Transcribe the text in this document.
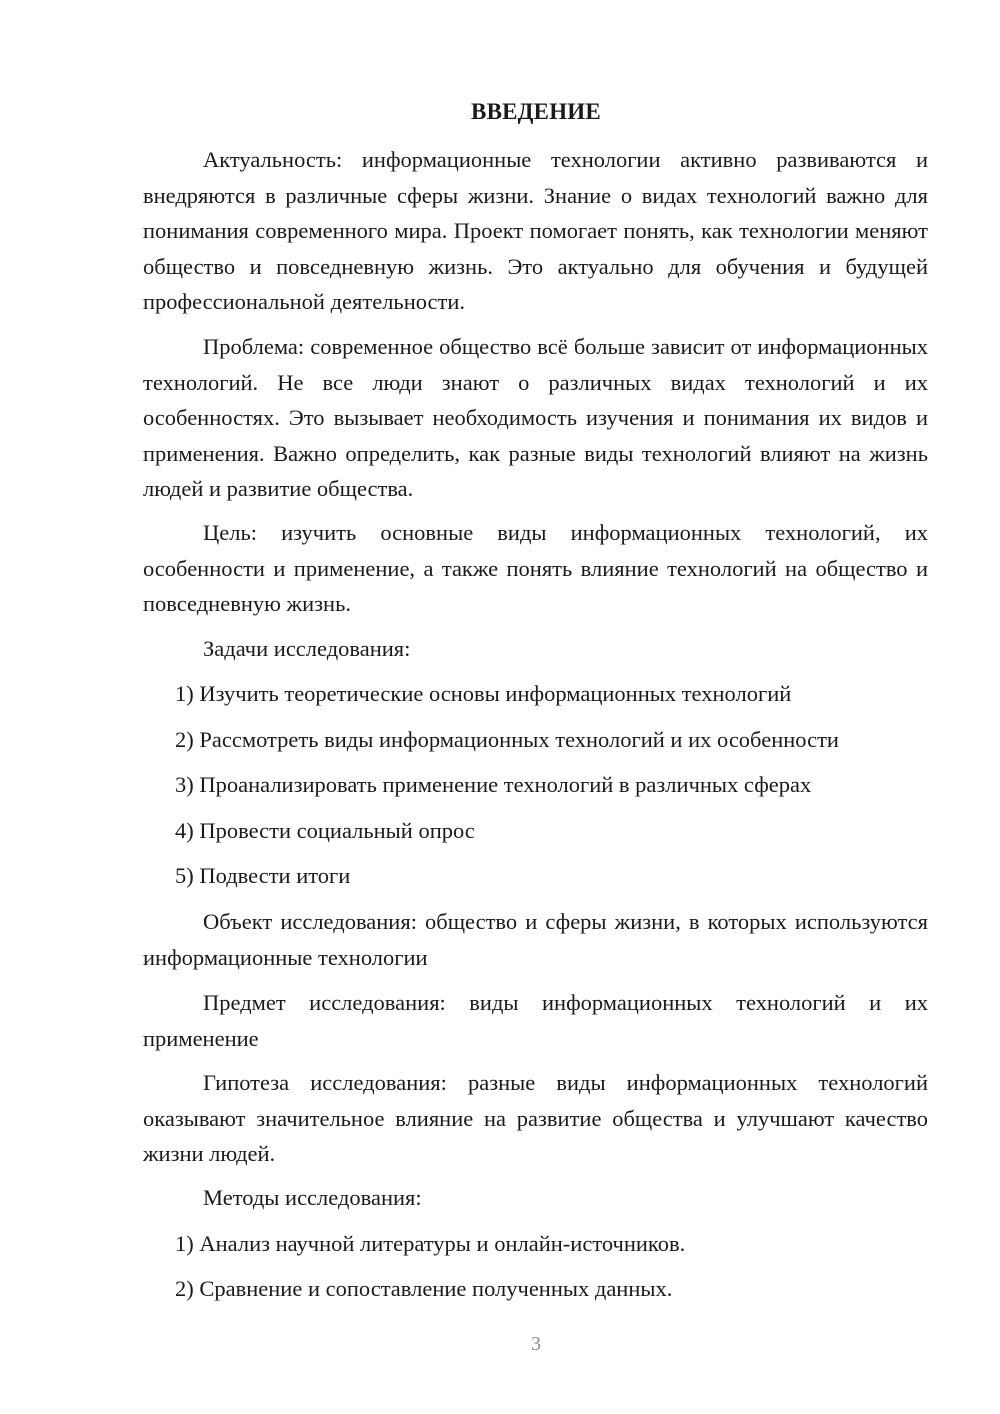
ВВЕДЕНИЕ

Актуальность: информационные технологии активно развиваются и внедряются в различные сферы жизни. Знание о видах технологий важно для понимания современного мира. Проект помогает понять, как технологии меняют общество и повседневную жизнь. Это актуально для обучения и будущей профессиональной деятельности.

Проблема: современное общество всё больше зависит от информационных технологий. Не все люди знают о различных видах технологий и их особенностях. Это вызывает необходимость изучения и понимания их видов и применения. Важно определить, как разные виды технологий влияют на жизнь людей и развитие общества.

Цель: изучить основные виды информационных технологий, их особенности и применение, а также понять влияние технологий на общество и повседневную жизнь.

Задачи исследования:
1) Изучить теоретические основы информационных технологий
2) Рассмотреть виды информационных технологий и их особенности
3) Проанализировать применение технологий в различных сферах
4) Провести социальный опрос
5) Подвести итоги

Объект исследования: общество и сферы жизни, в которых используются информационные технологии

Предмет исследования: виды информационных технологий и их применение

Гипотеза исследования: разные виды информационных технологий оказывают значительное влияние на развитие общества и улучшают качество жизни людей.

Методы исследования:
1) Анализ научной литературы и онлайн-источников.
2) Сравнение и сопоставление полученных данных.
3
